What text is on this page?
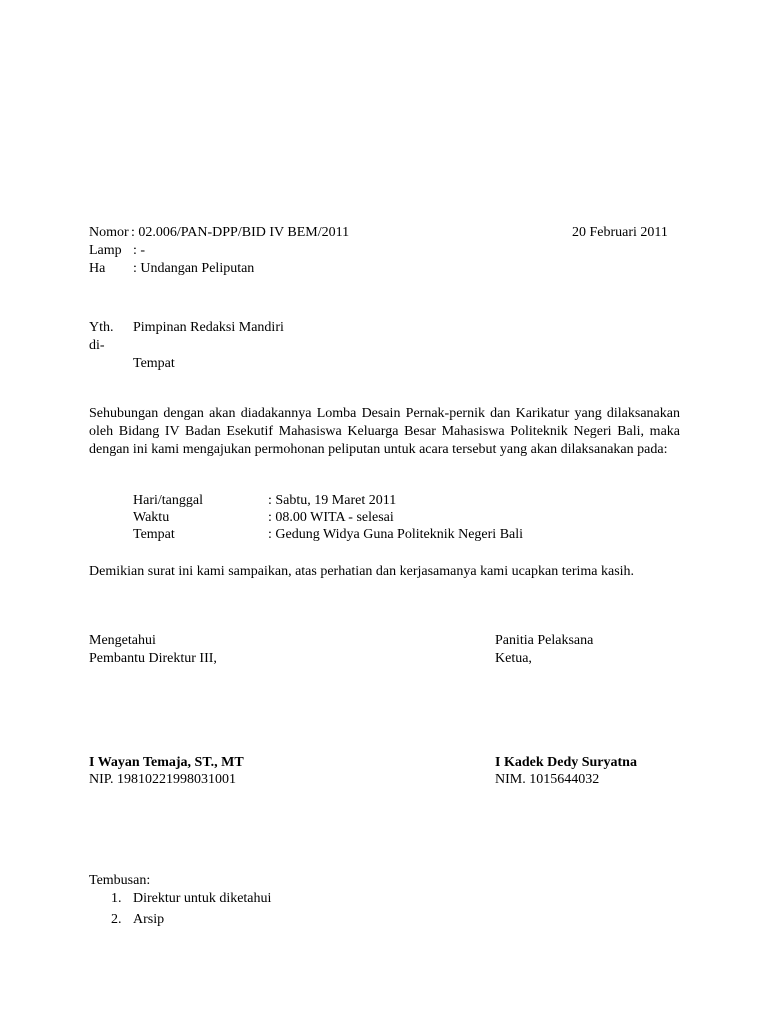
Nomor : 02.006/PAN-DPP/BID IV BEM/2011	20 Februari 2011
Lamp : -
Ha : Undangan Peliputan
Yth. Pimpinan Redaksi Mandiri
di-
Tempat
Sehubungan dengan akan diadakannya Lomba Desain Pernak-pernik dan Karikatur yang dilaksanakan oleh Bidang IV Badan Esekutif Mahasiswa Keluarga Besar Mahasiswa Politeknik Negeri Bali, maka dengan ini kami mengajukan permohonan peliputan untuk acara tersebut yang akan dilaksanakan pada:
Hari/tanggal	: Sabtu, 19 Maret 2011
Waktu	: 08.00 WITA - selesai
Tempat	: Gedung Widya Guna Politeknik Negeri Bali
Demikian surat ini kami sampaikan, atas perhatian dan kerjasamanya kami ucapkan terima kasih.
Mengetahui
Pembantu Direktur III,
I Wayan Temaja, ST., MT
NIP. 19810221998031001
Panitia Pelaksana
Ketua,
I Kadek Dedy Suryatna
NIM. 1015644032
Tembusan:
1. Direktur untuk diketahui
2. Arsip
